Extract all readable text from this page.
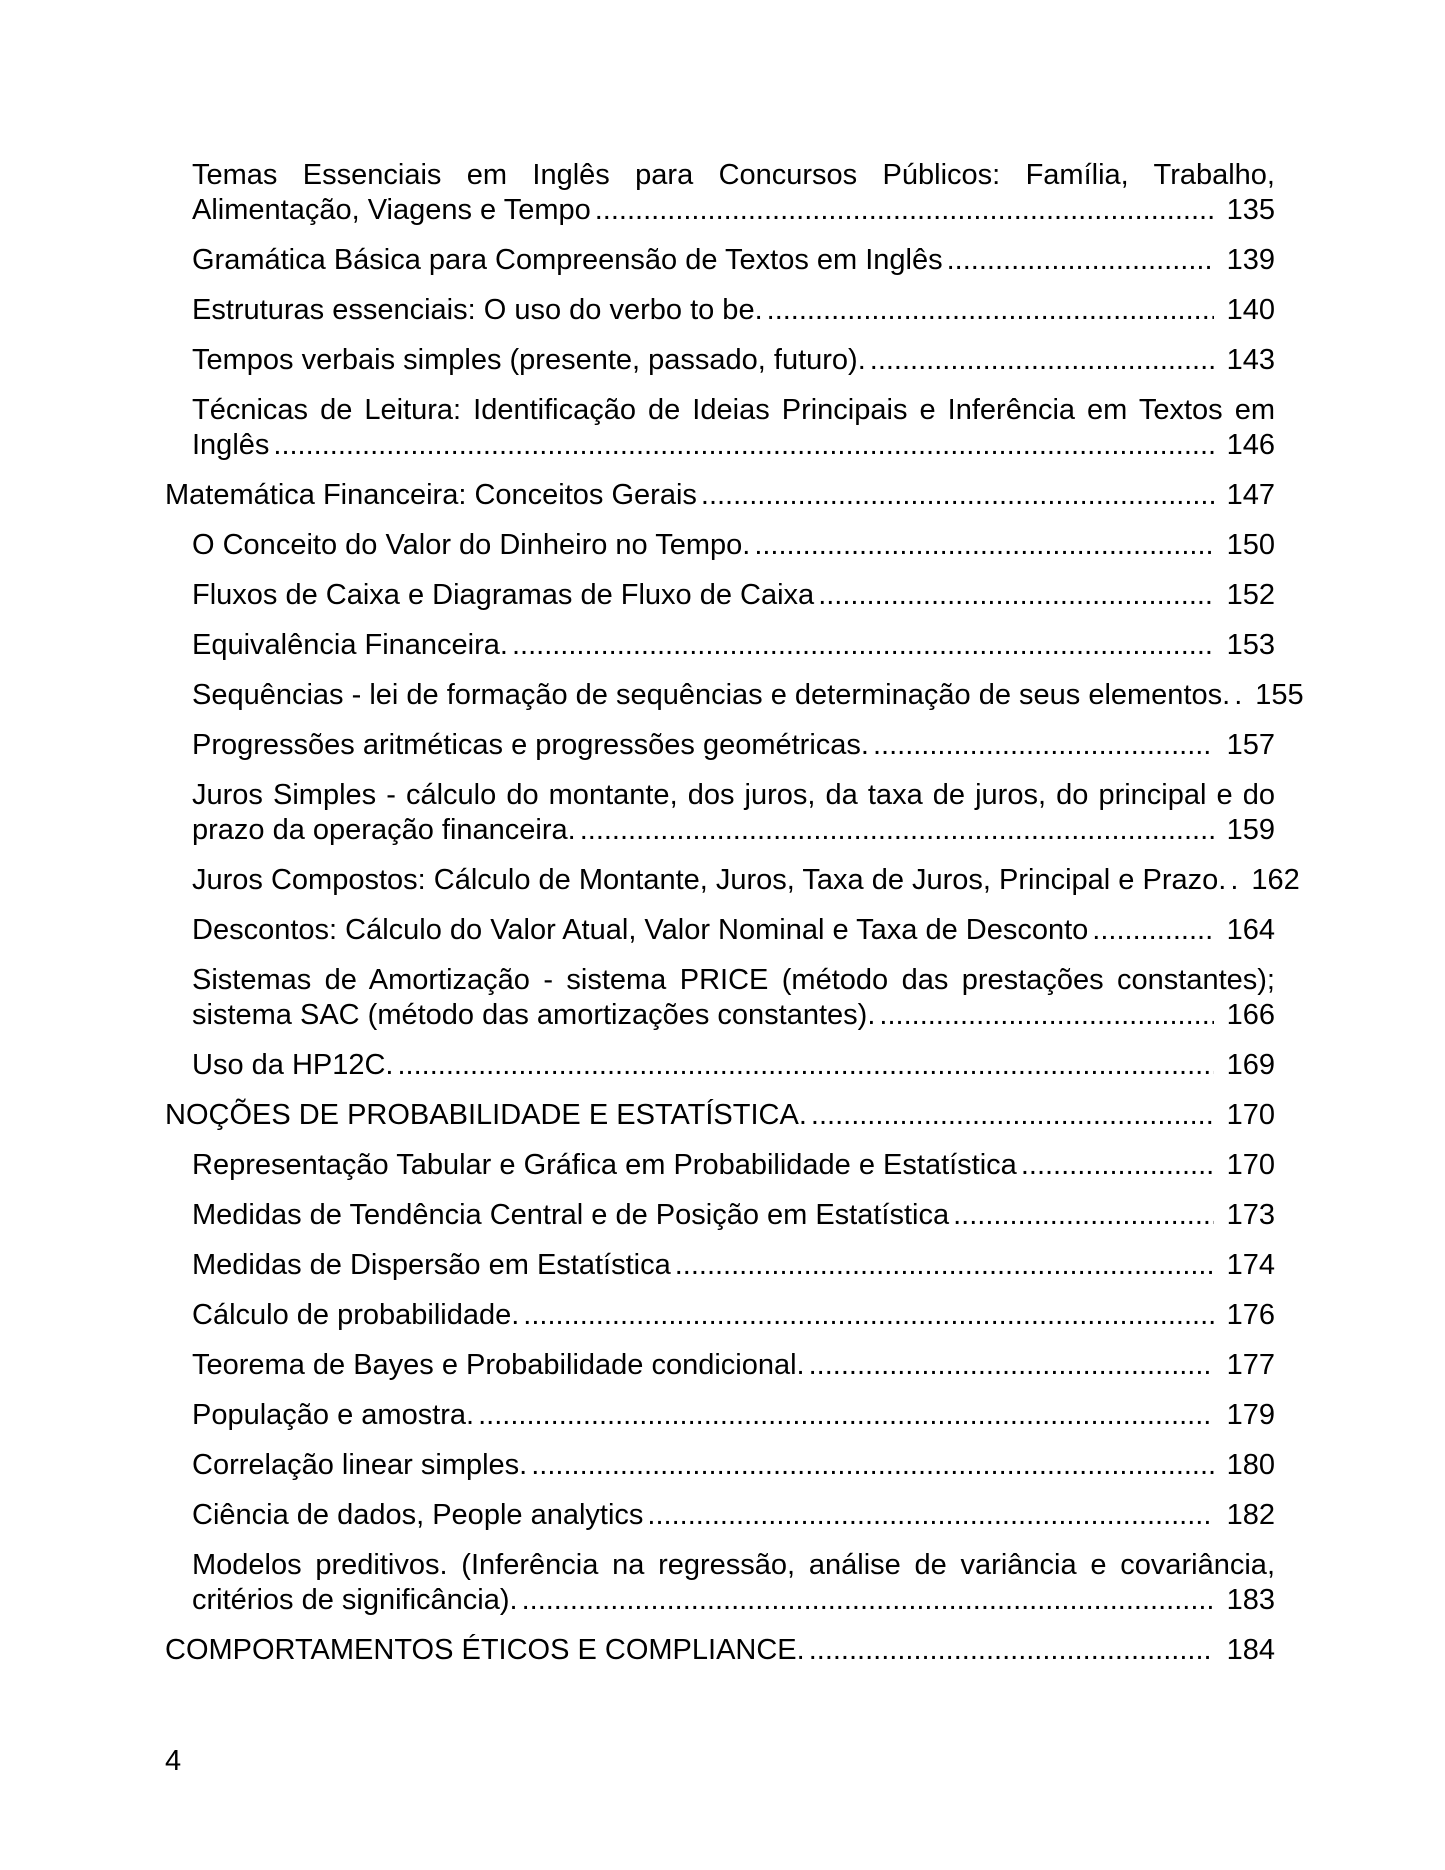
Temas Essenciais em Inglês para Concursos Públicos: Família, Trabalho,
Alimentação, Viagens e Tempo .....	135
Gramática Básica para Compreensão de Textos em Inglês .....	139
Estruturas essenciais: O uso do verbo to be. .....	140
Tempos verbais simples (presente, passado, futuro). .....	143
Técnicas de Leitura: Identificação de Ideias Principais e Inferência em Textos em
Inglês .....	146
Matemática Financeira: Conceitos Gerais .....	147
O Conceito do Valor do Dinheiro no Tempo. .....	150
Fluxos de Caixa e Diagramas de Fluxo de Caixa .....	152
Equivalência Financeira. .....	153
Sequências - lei de formação de sequências e determinação de seus elementos. ..... 155
Progressões aritméticas e progressões geométricas. .....	157
Juros Simples - cálculo do montante, dos juros, da taxa de juros, do principal e do
prazo da operação financeira. .....	159
Juros Compostos: Cálculo de Montante, Juros, Taxa de Juros, Principal e Prazo. ..... 162
Descontos: Cálculo do Valor Atual, Valor Nominal e Taxa de Desconto .....	164
Sistemas de Amortização - sistema PRICE (método das prestações constantes);
sistema SAC (método das amortizações constantes). .....	166
Uso da HP12C. .....	169
NOÇÕES DE PROBABILIDADE E ESTATÍSTICA. .....	170
Representação Tabular e Gráfica em Probabilidade e Estatística .....	170
Medidas de Tendência Central e de Posição em Estatística .....	173
Medidas de Dispersão em Estatística .....	174
Cálculo de probabilidade. .....	176
Teorema de Bayes e Probabilidade condicional. .....	177
População e amostra. .....	179
Correlação linear simples. .....	180
Ciência de dados, People analytics .....	182
Modelos preditivos. (Inferência na regressão, análise de variância e covariância,
critérios de significância). .....	183
COMPORTAMENTOS ÉTICOS E COMPLIANCE. .....	184
4
